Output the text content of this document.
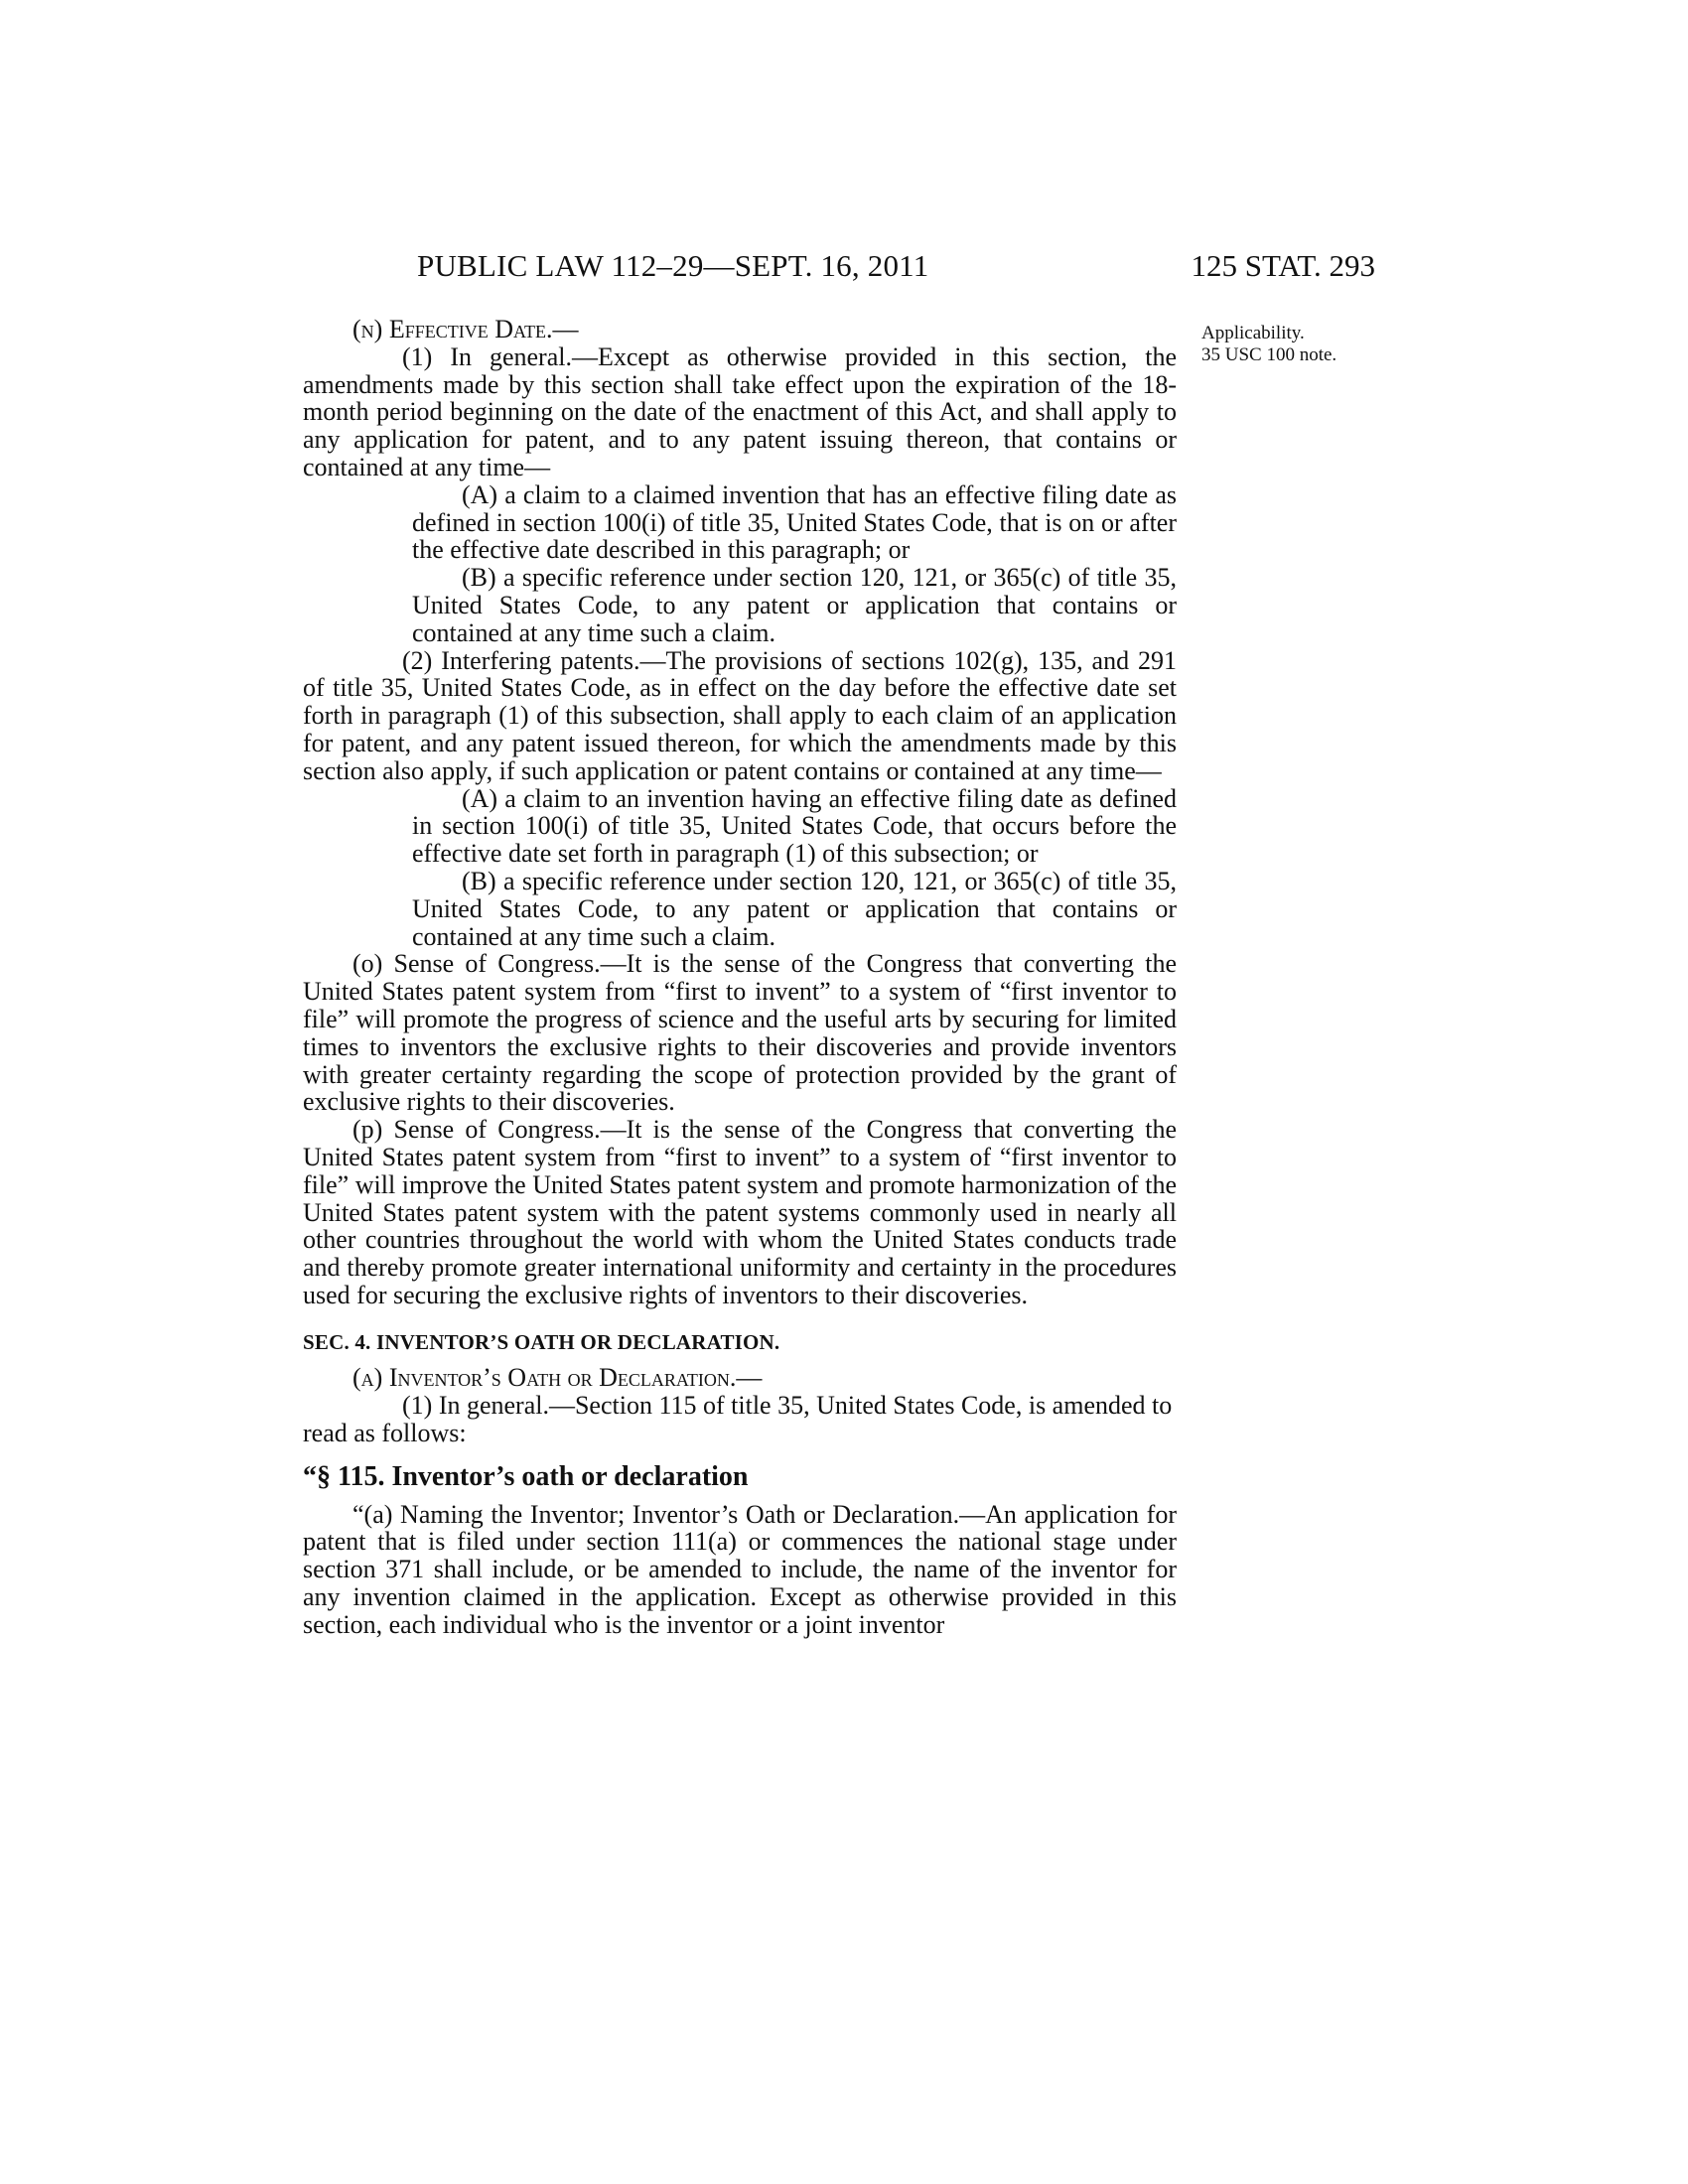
PUBLIC LAW 112–29—SEPT. 16, 2011	125 STAT. 293
Applicability.
35 USC 100 note.
(n) Effective Date.—
(1) In general.—Except as otherwise provided in this section, the amendments made by this section shall take effect upon the expiration of the 18-month period beginning on the date of the enactment of this Act, and shall apply to any application for patent, and to any patent issuing thereon, that contains or contained at any time—
(A) a claim to a claimed invention that has an effective filing date as defined in section 100(i) of title 35, United States Code, that is on or after the effective date described in this paragraph; or
(B) a specific reference under section 120, 121, or 365(c) of title 35, United States Code, to any patent or application that contains or contained at any time such a claim.
(2) Interfering patents.—The provisions of sections 102(g), 135, and 291 of title 35, United States Code, as in effect on the day before the effective date set forth in paragraph (1) of this subsection, shall apply to each claim of an application for patent, and any patent issued thereon, for which the amendments made by this section also apply, if such application or patent contains or contained at any time—
(A) a claim to an invention having an effective filing date as defined in section 100(i) of title 35, United States Code, that occurs before the effective date set forth in paragraph (1) of this subsection; or
(B) a specific reference under section 120, 121, or 365(c) of title 35, United States Code, to any patent or application that contains or contained at any time such a claim.
(o) Sense of Congress.—It is the sense of the Congress that converting the United States patent system from “first to invent” to a system of “first inventor to file” will promote the progress of science and the useful arts by securing for limited times to inventors the exclusive rights to their discoveries and provide inventors with greater certainty regarding the scope of protection provided by the grant of exclusive rights to their discoveries.
(p) Sense of Congress.—It is the sense of the Congress that converting the United States patent system from “first to invent” to a system of “first inventor to file” will improve the United States patent system and promote harmonization of the United States patent system with the patent systems commonly used in nearly all other countries throughout the world with whom the United States conducts trade and thereby promote greater international uniformity and certainty in the procedures used for securing the exclusive rights of inventors to their discoveries.
SEC. 4. INVENTOR’S OATH OR DECLARATION.
(a) Inventor’s Oath or Declaration.—
(1) In general.—Section 115 of title 35, United States Code, is amended to read as follows:
“§ 115. Inventor’s oath or declaration
“(a) Naming the Inventor; Inventor’s Oath or Declaration.—An application for patent that is filed under section 111(a) or commences the national stage under section 371 shall include, or be amended to include, the name of the inventor for any invention claimed in the application. Except as otherwise provided in this section, each individual who is the inventor or a joint inventor
